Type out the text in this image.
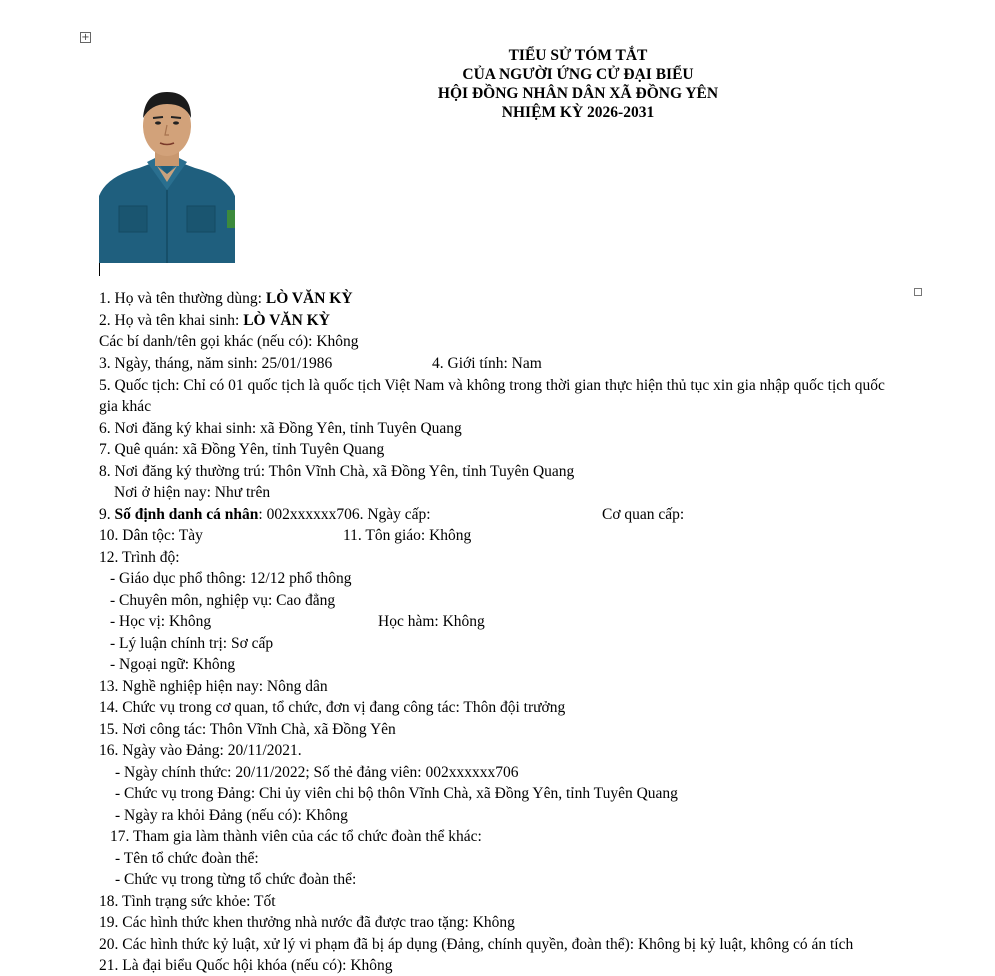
+
TIỂU SỬ TÓM TẮT
CỦA NGƯỜI ỨNG CỬ ĐẠI BIỂU
HỘI ĐỒNG NHÂN DÂN XÃ ĐỒNG YÊN
NHIỆM KỲ 2026-2031
1. Họ và tên thường dùng: LÒ VĂN KỲ
2. Họ và tên khai sinh: LÒ VĂN KỲ
Các bí danh/tên gọi khác (nếu có): Không
3. Ngày, tháng, năm sinh: 25/01/1986	4. Giới tính: Nam
5. Quốc tịch: Chỉ có 01 quốc tịch là quốc tịch Việt Nam và không trong thời gian thực hiện thủ tục xin gia nhập quốc tịch quốc
gia khác
6. Nơi đăng ký khai sinh: xã Đồng Yên, tỉnh Tuyên Quang
7. Quê quán: xã Đồng Yên, tỉnh Tuyên Quang
8. Nơi đăng ký thường trú: Thôn Vĩnh Chà, xã Đồng Yên, tỉnh Tuyên Quang
Nơi ở hiện nay: Như trên
9. Số định danh cá nhân: 002xxxxxx706. Ngày cấp:	Cơ quan cấp:
10. Dân tộc: Tày	11. Tôn giáo: Không
12. Trình độ:
- Giáo dục phổ thông: 12/12 phổ thông
- Chuyên môn, nghiệp vụ: Cao đẳng
- Học vị: Không	Học hàm: Không
- Lý luận chính trị: Sơ cấp
- Ngoại ngữ: Không
13. Nghề nghiệp hiện nay: Nông dân
14. Chức vụ trong cơ quan, tổ chức, đơn vị đang công tác: Thôn đội trưởng
15. Nơi công tác: Thôn Vĩnh Chà, xã Đồng Yên
16. Ngày vào Đảng: 20/11/2021.
- Ngày chính thức: 20/11/2022; Số thẻ đảng viên: 002xxxxxx706
- Chức vụ trong Đảng: Chi ủy viên chi bộ thôn Vĩnh Chà, xã Đồng Yên, tỉnh Tuyên Quang
- Ngày ra khỏi Đảng (nếu có): Không
17. Tham gia làm thành viên của các tổ chức đoàn thể khác:
- Tên tổ chức đoàn thể:
- Chức vụ trong từng tổ chức đoàn thể:
18. Tình trạng sức khỏe: Tốt
19. Các hình thức khen thưởng nhà nước đã được trao tặng: Không
20. Các hình thức kỷ luật, xử lý vi phạm đã bị áp dụng (Đảng, chính quyền, đoàn thể): Không bị kỷ luật, không có án tích
21. Là đại biểu Quốc hội khóa (nếu có): Không
